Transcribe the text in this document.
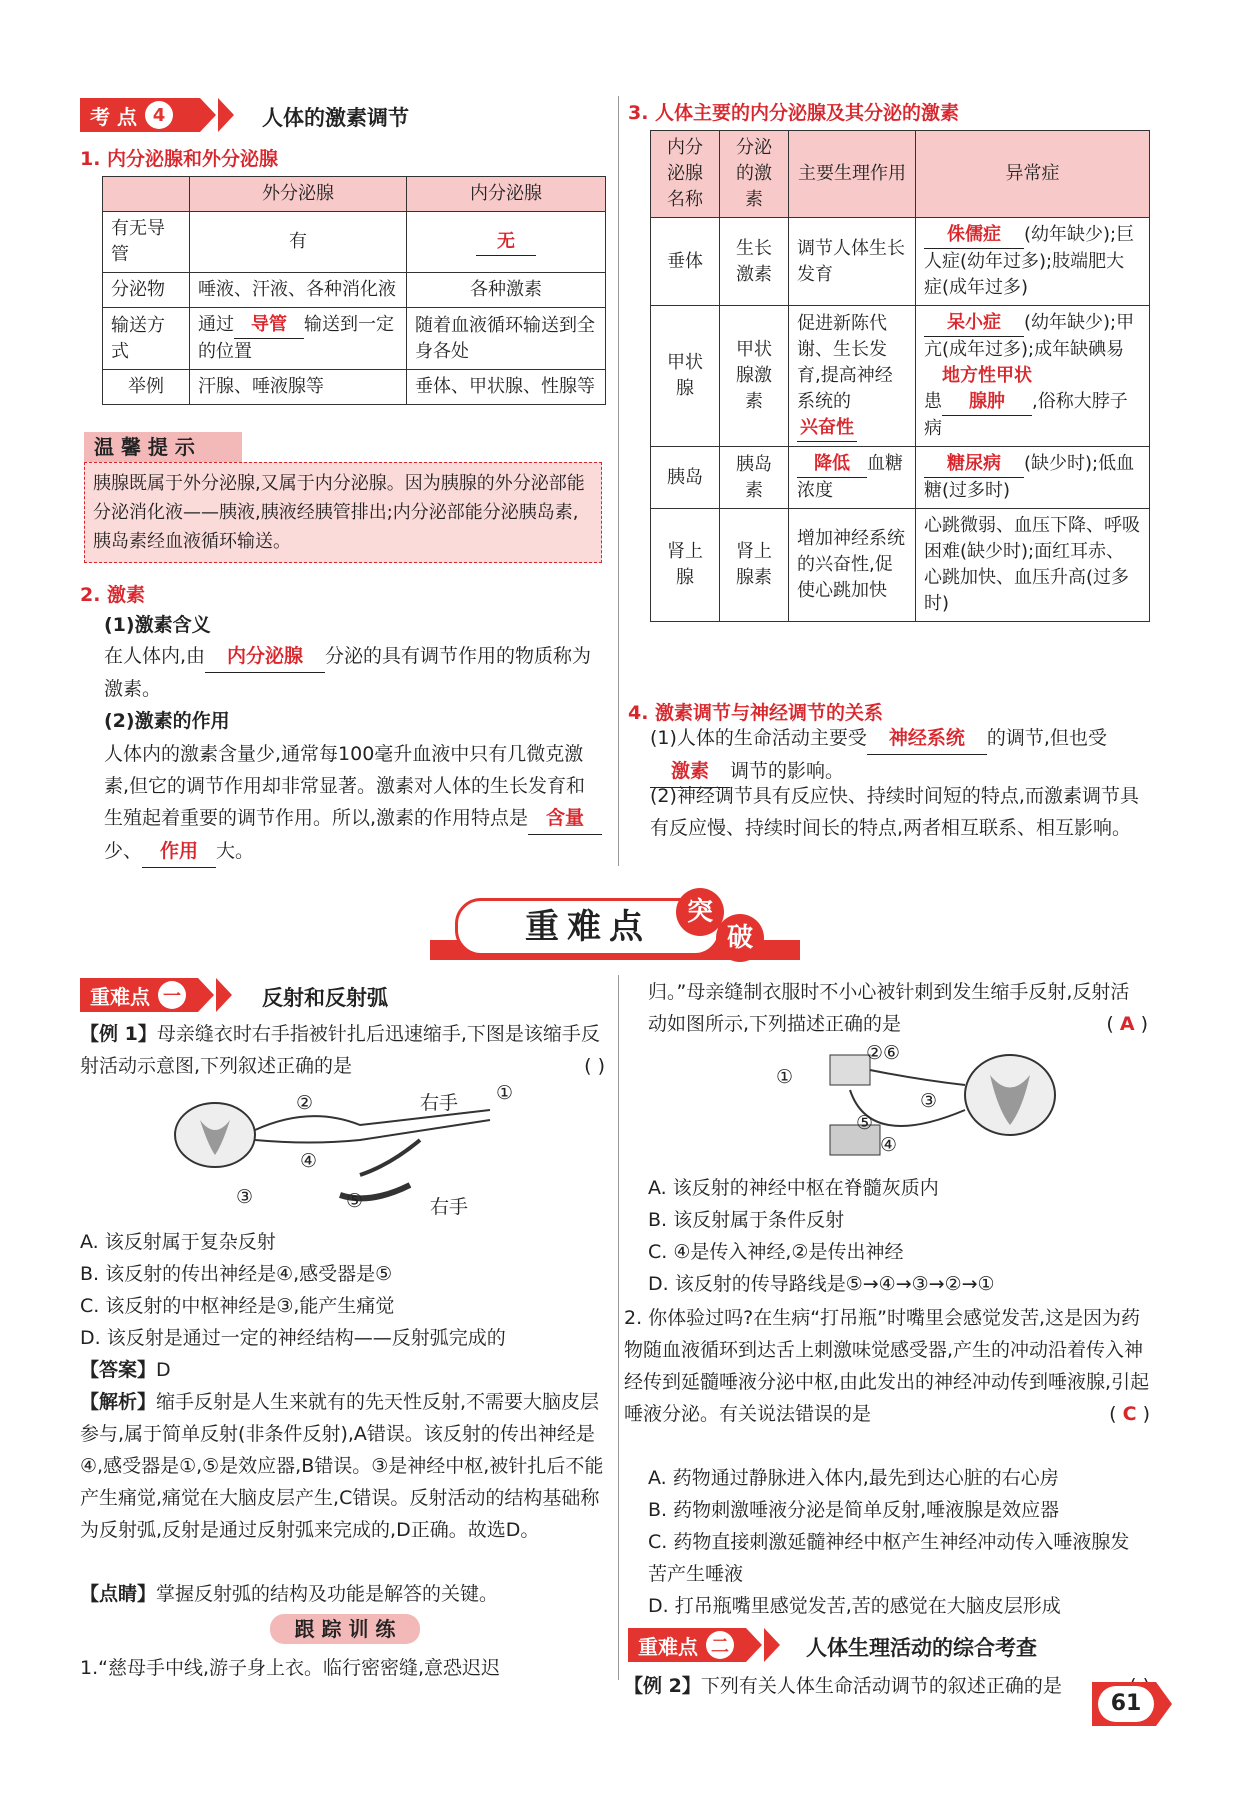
考 点 4	人体的激素调节
1. 内分泌腺和外分泌腺
	外分泌腺	内分泌腺
有无导管	有	无
分泌物	唾液、汗液、各种消化液	各种激素
输送方式	通过 导管 输送到一定的位置	随着血液循环输送到全身各处
举例	汗腺、唾液腺等	垂体、甲状腺、性腺等
温 馨 提 示
胰腺既属于外分泌腺,又属于内分泌腺。因为胰腺的外分泌部能分泌消化液——胰液,胰液经胰管排出;内分泌部能分泌胰岛素,胰岛素经血液循环输送。
2. 激素
(1)激素含义
在人体内,由 内分泌腺 分泌的具有调节作用的物质称为激素。
(2)激素的作用
人体内的激素含量少,通常每100毫升血液中只有几微克激素,但它的调节作用却非常显著。激素对人体的生长发育和生殖起着重要的调节作用。所以,激素的作用特点是 含量少、 作用 大。
3. 人体主要的内分泌腺及其分泌的激素
内分泌腺名称	分泌的激素	主要生理作用	异常症
垂体	生长激素	调节人体生长发育	侏儒症 (幼年缺少);巨人症(幼年过多);肢端肥大症(成年过多)
甲状腺	甲状腺激素	促进新陈代谢、生长发育,提高神经系统的兴奋性	呆小症 (幼年缺少);甲亢(成年过多);成年缺碘易患地方性甲状腺肿 ,俗称大脖子病
胰岛	胰岛素	降低 血糖浓度	糖尿病 (缺少时);低血糖(过多时)
肾上腺	肾上腺素	增加神经系统的兴奋性,促使心跳加快	心跳微弱、血压下降、呼吸困难(缺少时);面红耳赤、心跳加快、血压升高(过多时)
4. 激素调节与神经调节的关系
(1)人体的生命活动主要受 神经系统 的调节,但也受激素 调节的影响。
(2)神经调节具有反应快、持续时间短的特点,而激素调节具有反应慢、持续时间长的特点,两者相互联系、相互影响。
重难点	突
破
重难点 一	反射和反射弧
【例 1】母亲缝衣时右手指被针扎后迅速缩手,下图是该缩手反射活动示意图,下列叙述正确的是	( )
②	右手 ①
④
③	⑤	右手
A. 该反射属于复杂反射
B. 该反射的传出神经是④,感受器是⑤
C. 该反射的中枢神经是③,能产生痛觉
D. 该反射是通过一定的神经结构——反射弧完成的
【答案】D
【解析】缩手反射是人生来就有的先天性反射,不需要大脑皮层参与,属于简单反射(非条件反射),A错误。该反射的传出神经是④,感受器是①,⑤是效应器,B错误。③是神经中枢,被针扎后不能产生痛觉,痛觉在大脑皮层产生,C错误。反射活动的结构基础称为反射弧,反射是通过反射弧来完成的,D正确。故选D。
【点睛】掌握反射弧的结构及功能是解答的关键。
跟 踪 训 练
1.“慈母手中线,游子身上衣。临行密密缝,意恐迟迟
归。”母亲缝制衣服时不小心被针刺到发生缩手反射,反射活动如图所示,下列描述正确的是	( A )
①
②⑥
③
⑤
④
A. 该反射的神经中枢在脊髓灰质内
B. 该反射属于条件反射
C. ④是传入神经,②是传出神经
D. 该反射的传导路线是⑤→④→③→②→①
2. 你体验过吗?在生病“打吊瓶”时嘴里会感觉发苦,这是因为药物随血液循环到达舌上刺激味觉感受器,产生的冲动沿着传入神经传到延髓唾液分泌中枢,由此发出的神经冲动传到唾液腺,引起唾液分泌。有关说法错误的是	( C )
A. 药物通过静脉进入体内,最先到达心脏的右心房
B. 药物刺激唾液分泌是简单反射,唾液腺是效应器
C. 药物直接刺激延髓神经中枢产生神经冲动传入唾液腺发苦产生唾液
D. 打吊瓶嘴里感觉发苦,苦的感觉在大脑皮层形成
重难点 二	人体生理活动的综合考查
【例 2】下列有关人体生命活动调节的叙述正确的是
61
